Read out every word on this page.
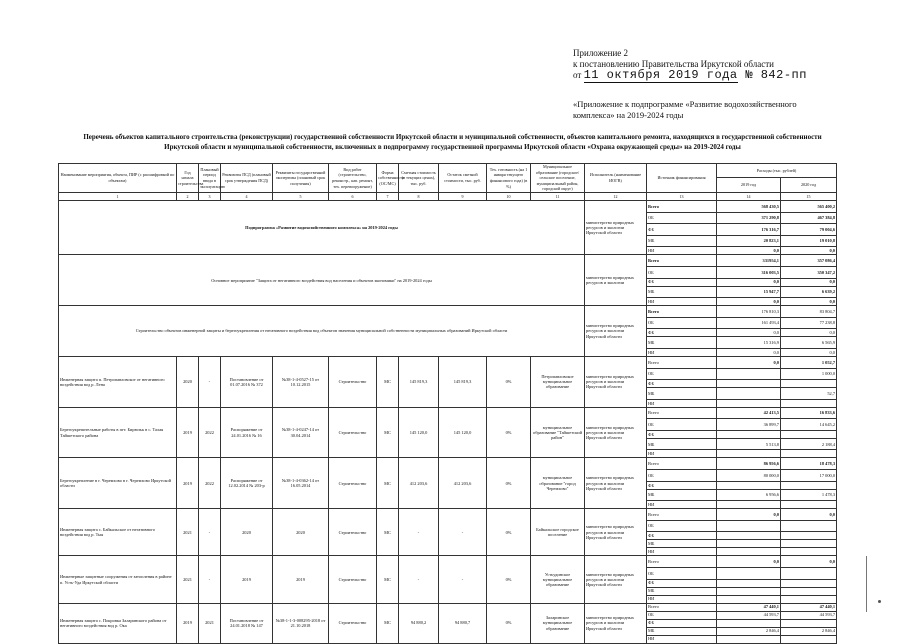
Приложение 2
к постановлению Правительства Иркутской области
от 11 октября 2019 года № 842-пп
«Приложение к подпрограмме «Развитие водохозяйственного
комплекса» на 2019-2024 годы
Перечень объектов капитального строительства (реконструкции) государственной собственности Иркутской области и муниципальной собственности, объектов капитального ремонта, находящихся в государственной собственности Иркутской области и муниципальной собственности, включенных в подпрограмму государственной программы Иркутской области «Охрана окружающей среды» на 2019-2024 годы
Наименование мероприятия, объекта, ПИР (с расшифровкой по объектам)	Год начала строительства	Плановый период ввода в эксплуатацию	Реквизиты ПСД (плановый срок утверждения ПСД)	Реквизиты государственной экспертизы (плановый срок получения)	Вид работ (строительство, реконстр., кап. ремонт, тех. перевооружение)	Форма собственности (ОС/МС)	Сметная стоимость (в текущих ценах), тыс. руб.	Остаток сметной стоимости, тыс. руб.	Тех. готовность (на 1 января текущего финансового года) (в %)	Муниципальное образование (городское/сельское поселение, муниципальный район, городской округ)	Исполнитель (наименование ИОГВ)	Источник финансирования	Расходы (тыс. рублей)		
													2019 год	2020 год	
1	2	3	4	5	6	7	8	9	10	11	12	13	14	15	
Подпрограмма «Развитие водохозяйственного комплекса» на 2019-2024 годы											министерство природных ресурсов и экологии Иркутской области	Всего	568 430,5	565 400,2	
												ОБ	371 290,8	467 384,8	
												ФБ	176 316,7	79 004,6	
												МБ	20 823,1	19 010,8	
												НИ	0,0	0,0	
Основное мероприятие "Защита от негативного воздействия вод населения и объектов экономики" на 2019-2024 годы											министерство природных ресурсов и экологии	Всего	331954,1	357 086,4	
												ОБ	316 003,5	350 347,2	
												ФБ	0,0	0,0	
												МБ	15 947,7	6 639,2	
												НИ	0,0	0,0	
Строительство объектов инженерной защиты и берегоукрепления от негативного воздействия вод объектов значения муниципальной собственности муниципальных образований Иркутской области											министерство природных ресурсов и экологии Иркутской области	Всего	176 810,3	83 804,7	
												ОБ	161 493,4	77 238,8	
												ФБ	0,0	0,0	
												МБ	15 316,9	6 565,9	
												НИ	0,0	0,0	
Инженерная защита п. Петропавловское от негативного воздействия вод р. Лена	2020	-	Постановление от 01.07.2016 № 372	№38-1-4-0527-15 от 10.12.2015	Строительство	МС	145 819,3	145 819,3	0%	Петропавловское муниципальное образование	министерство природных ресурсов и экологии Иркутской области	Всего	0,0	1 052,7	
												ОБ		1 000,0	
												ФБ			
												МБ		52,7	
												НИ			
Берегоукрепительные работы в пгт. Бирюльк в с. Талая Тайшетского района	2019	2022	Распоряжение от 24.01.2016 № 16	№38-1-4-0247-14 от 30.04.2014	Строительство	МС	145 120,0	145 120,0	0%	муниципальное образование "Тайшетский район"	министерство природных ресурсов и экологии Иркутской области	Всего	42 413,5	16 833,6	
												ОБ	36 899,7	14 645,2	
												ФБ			
												МБ	5 513,8	2 188,4	
												НИ			
Берегоукрепление в г. Черемхово в г. Черемхово Иркутской области	2019	2022	Распоряжение от 12.02.2014 № 203-р	№38-1-4-0362-14 от 16.05.2014	Строительство	МС	412 203,6	412 203,6	0%	муниципальное образование "город Черемхово"	министерство природных ресурсов и экологии Иркутской области	Всего	86 956,6	18 478,3	
												ОБ	80 000,0	17 000,0	
												ФБ			
												МБ	6 956,6	1 478,3	
												НИ			
Инженерная защита с. Байкальское от негативного воздействия вод р. Тыя	2021	-	2020	2020	Строительство	МС	-	-	0%	Байкальское городское поселение	министерство природных ресурсов и экологии Иркутской области	Всего	0,0	0,0	
												ОБ			
												ФБ			
												МБ			
												НИ			
Инженерные защитные сооружения от затопления в районе п. Усть-Уда Иркутской области	2021	-	2019	2019	Строительство	МС	-	-	0%	Устьудинское муниципальное образование	министерство природных ресурсов и экологии Иркутской области	Всего	0,0	0,0	
												ОБ			
												ФБ			
												МБ			
												НИ			
Инженерная защита с. Покровка Заларинского района от негативного воздействия вод р. Ока	2019	2021	Постановление от 24.01.2018 № 147	№38-1-1-3-008295-2018 от 21.10.2018	Строительство	МС	94 880,2	94 880,7	0%	Заларинское муниципальное образование	министерство природных ресурсов и экологии Иркутской области	Всего	47 440,1	47 440,1	
												ОБ	44 593,7	44 593,7	
												ФБ			
												МБ	2 846,4	2 846,4	
												НИ			
